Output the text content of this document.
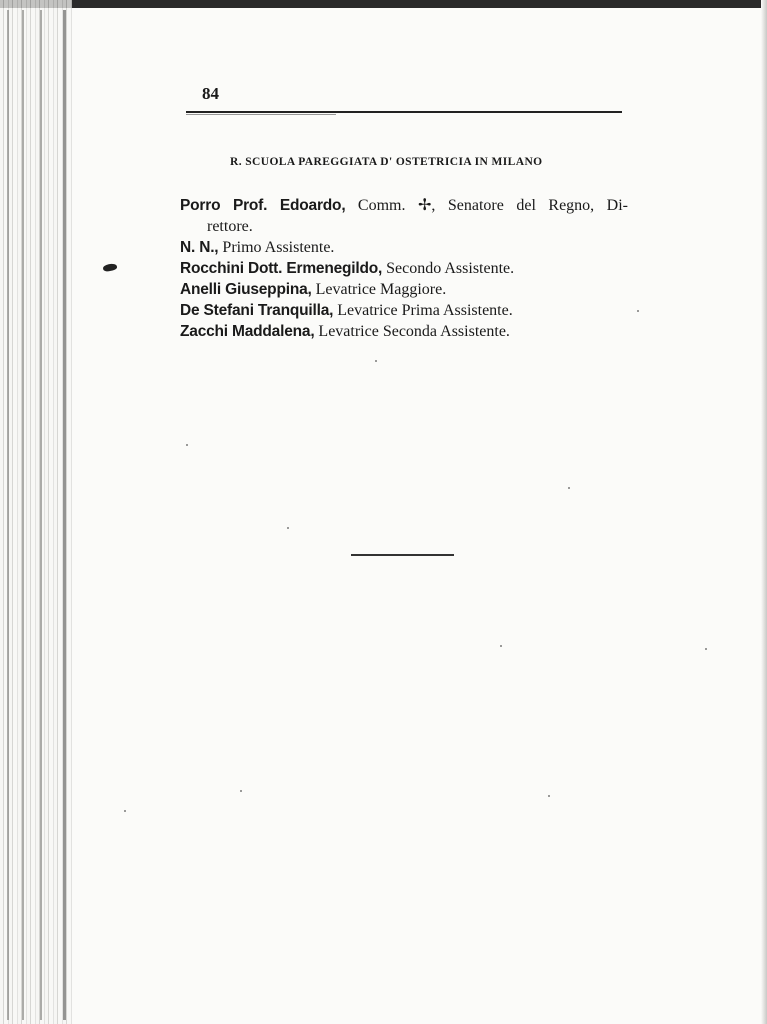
84
R. SCUOLA PAREGGIATA D' OSTETRICIA IN MILANO
Porro Prof. Edoardo, Comm. ✢, Senatore del Regno, Di-
rettore.
N. N., Primo Assistente.
Rocchini Dott. Ermenegildo, Secondo Assistente.
Anelli Giuseppina, Levatrice Maggiore.
De Stefani Tranquilla, Levatrice Prima Assistente.
Zacchi Maddalena, Levatrice Seconda Assistente.
